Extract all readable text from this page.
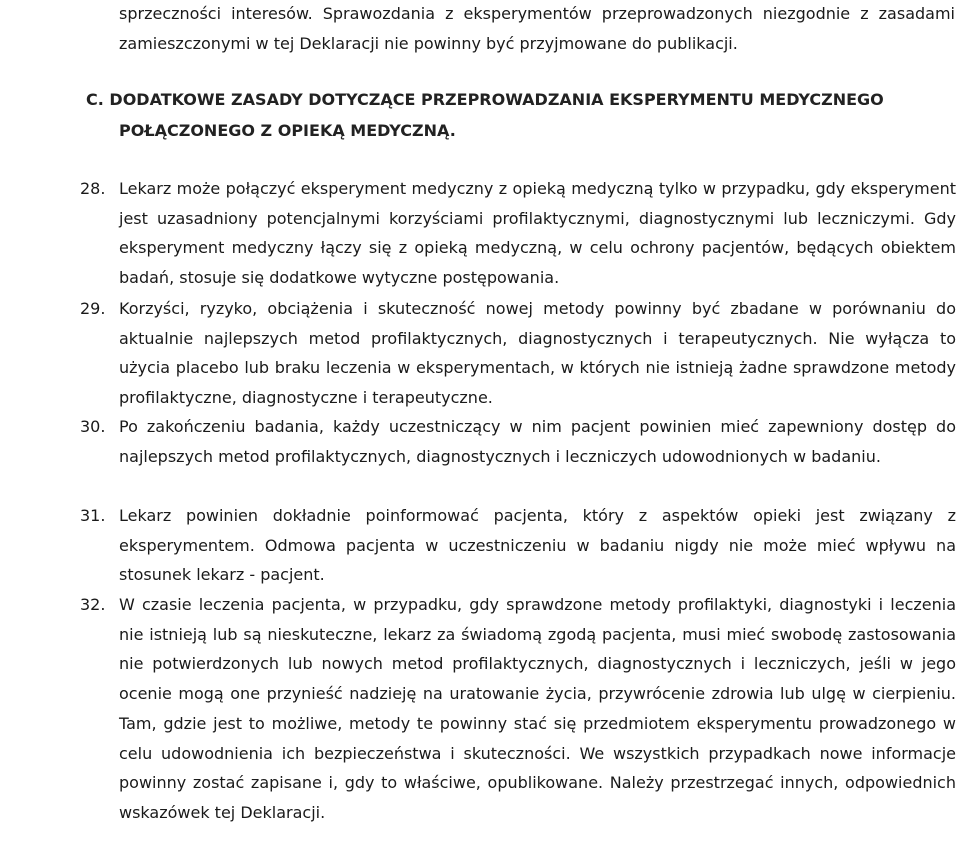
sprzeczności interesów. Sprawozdania z eksperymentów przeprowadzonych niezgodnie z zasadami zamieszczonymi w tej Deklaracji nie powinny być przyjmowane do publikacji.

C. DODATKOWE ZASADY DOTYCZĄCE PRZEPROWADZANIA EKSPERYMENTU MEDYCZNEGO
POŁĄCZONEGO Z OPIEKĄ MEDYCZNĄ.
28. Lekarz może połączyć eksperyment medyczny z opieką medyczną tylko w przypadku, gdy eksperyment jest uzasadniony potencjalnymi korzyściami profilaktycznymi, diagnostycznymi lub leczniczymi. Gdy eksperyment medyczny łączy się z opieką medyczną, w celu ochrony pacjentów, będących obiektem badań, stosuje się dodatkowe wytyczne postępowania.

29. Korzyści, ryzyko, obciążenia i skuteczność nowej metody powinny być zbadane w porównaniu do aktualnie najlepszych metod profilaktycznych, diagnostycznych i terapeutycznych. Nie wyłącza to użycia placebo lub braku leczenia w eksperymentach, w których nie istnieją żadne sprawdzone metody profilaktyczne, diagnostyczne i terapeutyczne.

30. Po zakończeniu badania, każdy uczestniczący w nim pacjent powinien mieć zapewniony dostęp do najlepszych metod profilaktycznych, diagnostycznych i leczniczych udowodnionych w badaniu.

31. Lekarz powinien dokładnie poinformować pacjenta, który z aspektów opieki jest związany z eksperymentem. Odmowa pacjenta w uczestniczeniu w badaniu nigdy nie może mieć wpływu na stosunek lekarz - pacjent.

32. W czasie leczenia pacjenta, w przypadku, gdy sprawdzone metody profilaktyki, diagnostyki i leczenia nie istnieją lub są nieskuteczne, lekarz za świadomą zgodą pacjenta, musi mieć swobodę zastosowania nie potwierdzonych lub nowych metod profilaktycznych, diagnostycznych i leczniczych, jeśli w jego ocenie mogą one przynieść nadzieję na uratowanie życia, przywrócenie zdrowia lub ulgę w cierpieniu. Tam, gdzie jest to możliwe, metody te powinny stać się przedmiotem eksperymentu prowadzonego w celu udowodnienia ich bezpieczeństwa i skuteczności. We wszystkich przypadkach nowe informacje powinny zostać zapisane i, gdy to właściwe, opublikowane. Należy przestrzegać innych, odpowiednich wskazówek tej Deklaracji.
